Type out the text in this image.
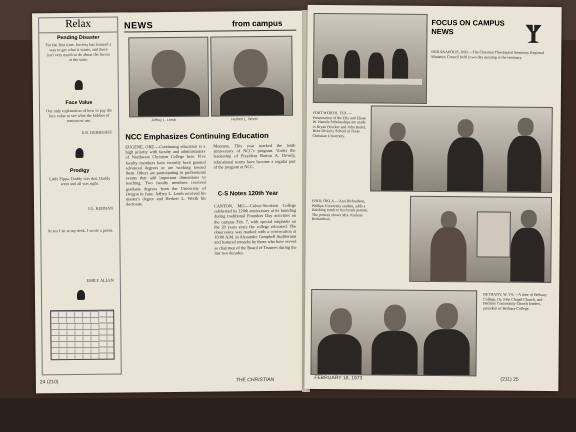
Relax
Pending Disaster
For the first time, Society has learned a way to get what it wants, and there isn't very much to do about the forces at the state.
Face Value
Our only explanation of how to pay the face value to see what the kiddies of tomorrow use.
E.B. DEBRUHST
Prodigy
Little Pippa, Daddy was that, Daddy went and all was right.
J.G. KERNAN
At sea I sit at my desk, I wrote a poem.
EMILY ALLEN
NEWS	from campus
Jeffrey L. Lemb	Herbert L. Worth
NCC Emphasizes Continuing Education
EUGENE, ORE.—Continuing education is a high priority with faculty and administrators of Northwest Christian College here. Five faculty members have recently been granted advanced degrees or are working toward them. Others are participating in professional events that add important dimensions to teaching. Two faculty members received graduate degrees from the University of Oregon in June. Jeffrey L. Lemb received his master's degree and Herbert L. Worth his doctorate.
Montana. This year marked the tenth anniversary of NCC's program. Under the leadership of President Barton A. Dowdy, educational teams have become a regular part of the program at NCC.
C-S Notes 120th Year
CANTON, MO.—Culver-Stockton College celebrated its 120th anniversary at its founding during traditional Founders Day activities on the campus Feb. 7, with special emphasis on the 20 years since the college relocated. The observance was marked with a convocation at 10:00 A.M. in Alexander Campbell Auditorium and featured remarks by those who have served as chairmen of the Board of Trustees during the last two decades.
24 (210)	THE CHRISTIAN
FOCUS ON CAMPUS NEWS
INDIANAPOLIS, IND.—The Christian Theological Seminary Regional Ministers Council held a two-day meeting at the seminary.
FORT WORTH, TEX.—Presentation of the Ella and Eliese W. Haestle Scholarships are made to Bryan Brucker and John Bartel, Brite Divinity School at Texas Christian University.
ENID, OKLA.—Ann Richardson, Phillips University student, adds a finishing touch to her brush portrait. The portrait shows Mrs. Karlene Richardson.
BETHANY, W. VA.—A time of Bethany College, Dr. John Chapel Church, and Bethany Community Church leaders, president of Bethany College.
FEBRUARY 18, 1973	(211) 25
